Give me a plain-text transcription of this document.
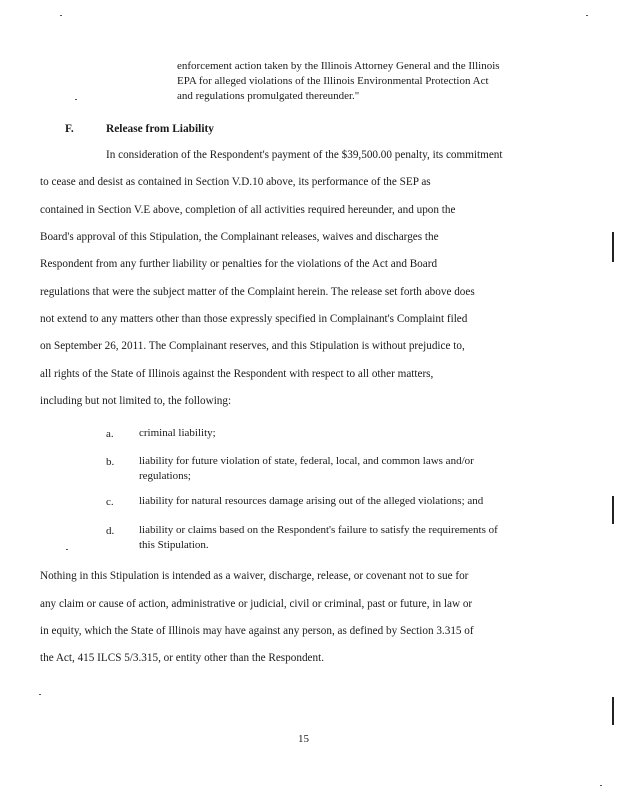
enforcement action taken by the Illinois Attorney General and the Illinois
EPA for alleged violations of the Illinois Environmental Protection Act
and regulations promulgated thereunder."
F.	Release from Liability
In consideration of the Respondent's payment of the $39,500.00 penalty, its commitment
to cease and desist as contained in Section V.D.10 above, its performance of the SEP as
contained in Section V.E above, completion of all activities required hereunder, and upon the
Board's approval of this Stipulation, the Complainant releases, waives and discharges the
Respondent from any further liability or penalties for the violations of the Act and Board
regulations that were the subject matter of the Complaint herein. The release set forth above does
not extend to any matters other than those expressly specified in Complainant's Complaint filed
on September 26, 2011. The Complainant reserves, and this Stipulation is without prejudice to,
all rights of the State of Illinois against the Respondent with respect to all other matters,
including but not limited to, the following:
a. criminal liability;
b. liability for future violation of state, federal, local, and common laws and/or
regulations;
c. liability for natural resources damage arising out of the alleged violations; and
d. liability or claims based on the Respondent's failure to satisfy the requirements of
this Stipulation.
Nothing in this Stipulation is intended as a waiver, discharge, release, or covenant not to sue for
any claim or cause of action, administrative or judicial, civil or criminal, past or future, in law or
in equity, which the State of Illinois may have against any person, as defined by Section 3.315 of
the Act, 415 ILCS 5/3.315, or entity other than the Respondent.
15
